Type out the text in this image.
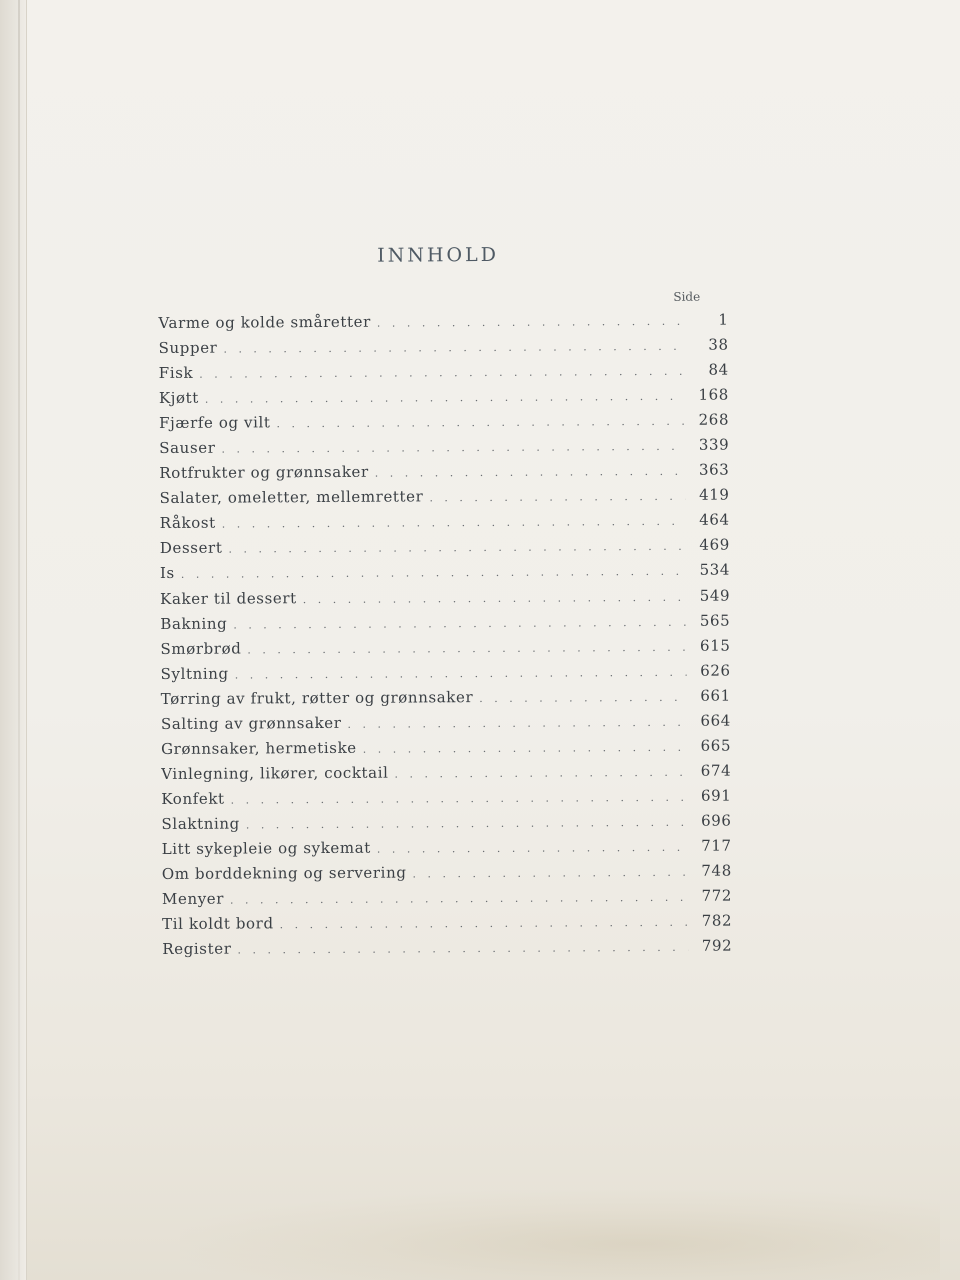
INNHOLD
Side
Varme og kolde småretter . . .	1
Supper . . .	38
Fisk . . .	84
Kjøtt . . .	168
Fjærfe og vilt . . .	268
Sauser . . .	339
Rotfrukter og grønnsaker . . .	363
Salater, omeletter, mellemretter . . .	419
Råkost . . .	464
Dessert . . .	469
Is . . .	534
Kaker til dessert . . .	549
Bakning . . .	565
Smørbrød . . .	615
Syltning . . .	626
Tørring av frukt, røtter og grønnsaker . . .	661
Salting av grønnsaker . . .	664
Grønnsaker, hermetiske . . .	665
Vinlegning, likører, cocktail . . .	674
Konfekt . . .	691
Slaktning . . .	696
Litt sykepleie og sykemat . . .	717
Om borddekning og servering . . .	748
Menyer . . .	772
Til koldt bord . . .	782
Register . . .	792
